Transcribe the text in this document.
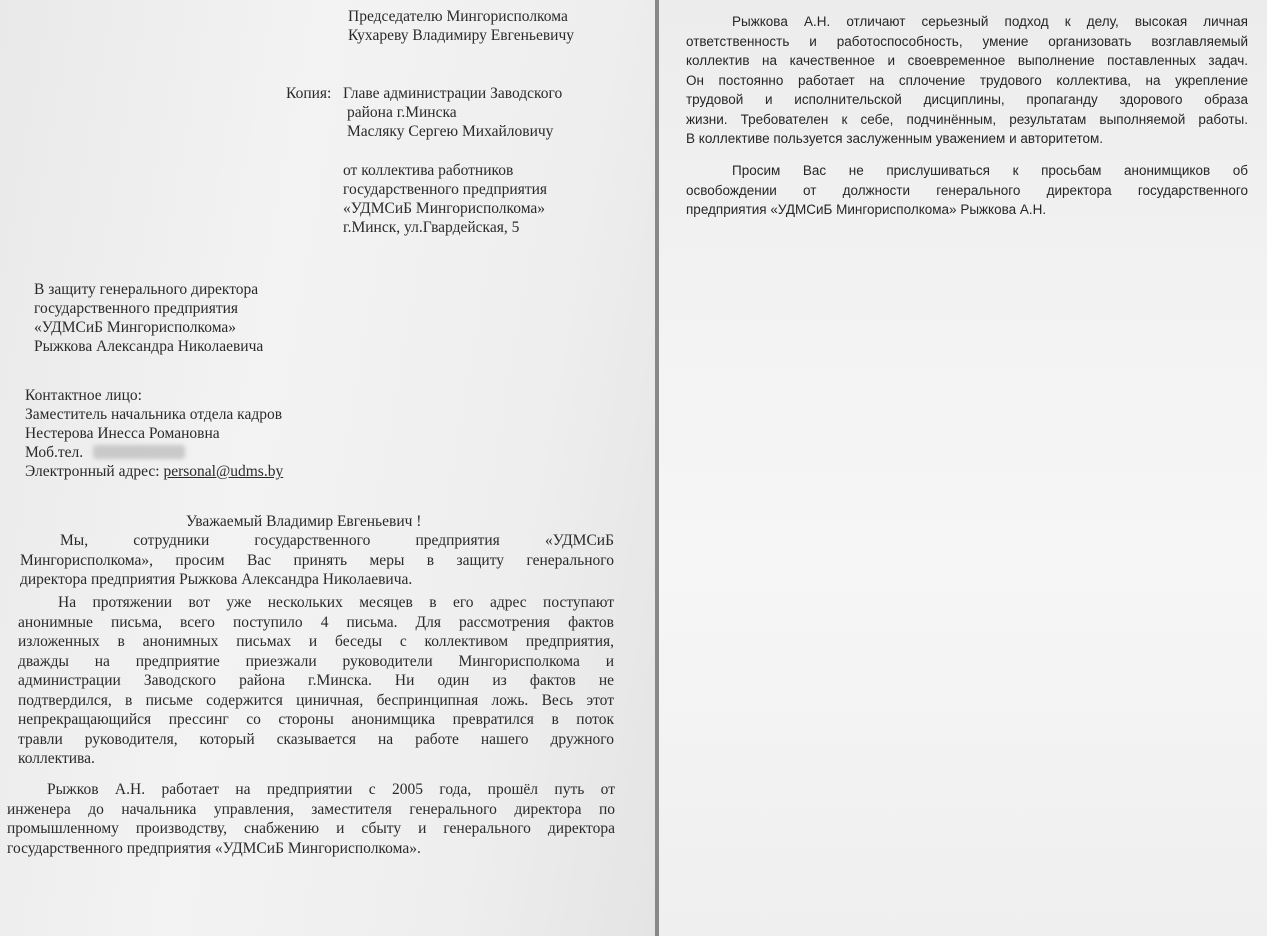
Председателю Мингорисполкома
Кухареву Владимиру Евгеньевичу
Копия: Главе администрации Заводского
района г.Минска
Масляку Сергею Михайловичу
от коллектива работников
государственного предприятия
«УДМСиБ Мингорисполкома»
г.Минск, ул.Гвардейская, 5
В защиту генерального директора
государственного предприятия
«УДМСиБ Мингорисполкома»
Рыжкова Александра Николаевича
Контактное лицо:
Заместитель начальника отдела кадров
Нестерова Инесса Романовна
Моб.тел.
Электронный адрес: personal@udms.by
Уважаемый Владимир Евгеньевич !
Мы, сотрудники государственного предприятия «УДМСиБ
Мингорисполкома», просим Вас принять меры в защиту генерального
директора предприятия Рыжкова Александра Николаевича.
На протяжении вот уже нескольких месяцев в его адрес поступают
анонимные письма, всего поступило 4 письма. Для рассмотрения фактов
изложенных в анонимных письмах и беседы с коллективом предприятия,
дважды на предприятие приезжали руководители Мингорисполкома и
администрации Заводского района г.Минска. Ни один из фактов не
подтвердился, в письме содержится циничная, беспринципная ложь. Весь этот
непрекращающийся прессинг со стороны анонимщика превратился в поток
травли руководителя, который сказывается на работе нашего дружного
коллектива.
Рыжков А.Н. работает на предприятии с 2005 года, прошёл путь от
инженера до начальника управления, заместителя генерального директора по
промышленному производству, снабжению и сбыту и генерального директора
государственного предприятия «УДМСиБ Мингорисполкома».
Рыжкова А.Н. отличают серьезный подход к делу, высокая личная
ответственность и работоспособность, умение организовать возглавляемый
коллектив на качественное и своевременное выполнение поставленных задач.
Он постоянно работает на сплочение трудового коллектива, на укрепление
трудовой и исполнительской дисциплины, пропаганду здорового образа
жизни. Требователен к себе, подчинённым, результатам выполняемой работы.
В коллективе пользуется заслуженным уважением и авторитетом.
Просим Вас не прислушиваться к просьбам анонимщиков об
освобождении от должности генерального директора государственного
предприятия «УДМСиБ Мингорисполкома» Рыжкова А.Н.
